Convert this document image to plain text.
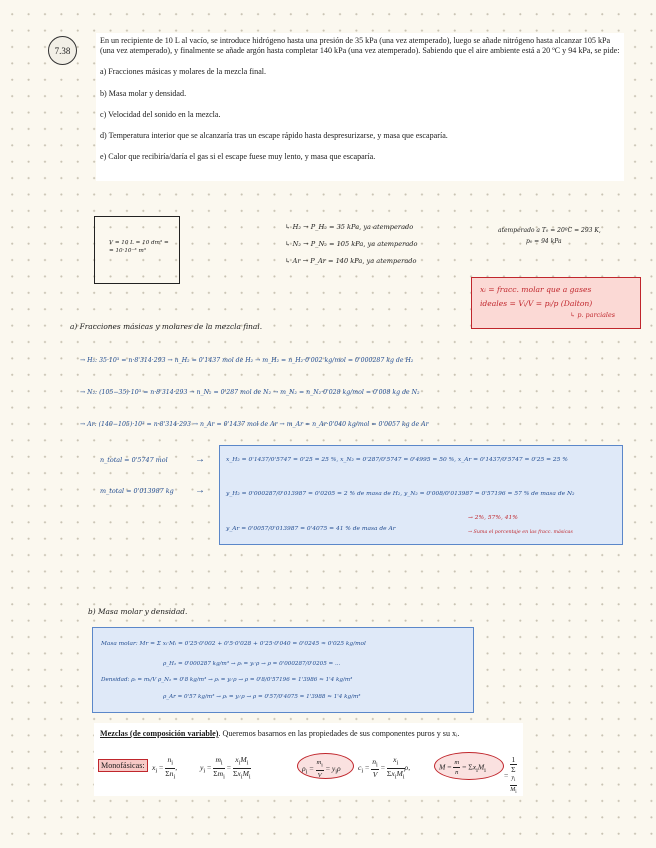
7.38

En un recipiente de 10 L al vacío, se introduce hidrógeno hasta una presión de 35 kPa (una vez atemperado), luego se añade nitrógeno hasta alcanzar 105 kPa (una vez atemperado), y finalmente se añade argón hasta completar 140 kPa (una vez atemperado). Sabiendo que el aire ambiente está a 20 ºC y 94 kPa, se pide:

a) Fracciones másicas y molares de la mezcla final.

b) Masa molar y densidad.

c) Velocidad del sonido en la mezcla.

d) Temperatura interior que se alcanzaría tras un escape rápido hasta despresurizarse, y masa que escaparía.

e) Calor que recibiría/daría el gas si el escape fuese muy lento, y masa que escaparía.

V = 10 L = 10 dm³ =
= 10·10⁻³ m³
↳ H₂ → P_H₂ = 35 kPa, ya atemperado
↳ N₂ → P_N₂ = 105 kPa, ya atemperado
↳ Ar → P_Ar = 140 kPa, ya atemperado
atemperado a T₀ = 20ºC = 293 K,
p₀ = 94 kPa
xᵢ = fracc. molar que a gases
ideales = Vᵢ/V = pᵢ/p (Dalton)
↳ p. parciales
a) Fracciones másicas y molares de la mezcla final.
→ H₂: 35·10³ = n·8'314·293 → n_H₂ = 0'1437 mol de H₂ → m_H₂ = n_H₂·0'002 kg/mol = 0'000287 kg de H₂
→ N₂: (105−35)·10³ = n·8'314·293 → n_N₂ = 0'287 mol de N₂ → m_N₂ = n_N₂·0'028 kg/mol = 0'008 kg de N₂
→ Ar: (140−105)·10³ = n·8'314·293 → n_Ar = 0'1437 mol de Ar → m_Ar = n_Ar·0'040 kg/mol = 0'0057 kg de Ar
n_total = 0'5747 mol
m_total = 0'013987 kg
→
→
x_H₂ = 0'1437/0'5747 = 0'25 = 25 %, x_N₂ = 0'287/0'5747 = 0'4995 = 50 %, x_Ar = 0'1437/0'5747 = 0'25 = 25 %
y_H₂ = 0'000287/0'013987 = 0'0205 = 2 % de masa de H₂, y_N₂ = 0'008/0'013987 = 0'57196 = 57 % de masa de N₂
y_Ar = 0'0057/0'013987 = 0'4075 = 41 % de masa de Ar
→ 2%, 57%, 41%
→ Suma el porcentaje en las fracc. másicas
b) Masa molar y densidad.
Masa molar: Mr = Σ xᵢ·Mᵢ = 0'25·0'002 + 0'5·0'028 + 0'25·0'040 = 0'0245 ≈ 0'025 kg/mol
ρ_H₂ = 0'000287 kg/m³ → ρᵢ = yᵢ·ρ → ρ = 0'000287/0'0205 = ...
Densidad: ρᵢ = mᵢ/V ρ_N₂ = 0'8 kg/m³ → ρᵢ = yᵢ·ρ → ρ = 0'8/0'57196 = 1'3986 ≈ 1'4 kg/m³
ρ_Ar = 0'57 kg/m³ → ρᵢ = yᵢ·ρ → ρ = 0'57/0'4075 = 1'3988 ≈ 1'4 kg/m³
Mezclas (de composición variable). Queremos basarnos en las propiedades de sus componentes puros y su xᵢ.
Monofásicas: $x_i = \frac{n_i}{\Sigma n_i}$ ,	$y_i = \frac{m_i}{\Sigma m_i} = \frac{x_iM_i}{\Sigma x_iM_i}$	$\rho_i = \frac{m_i}{V} = y_i\rho$ $c_i = \frac{n_i}{V} = \frac{x_i}{\Sigma x_iM_i} \rho$,	$M = \frac{m}{n} = \Sigma x_iM_i$
= 1
Σ
$y_i$
$M_i$
